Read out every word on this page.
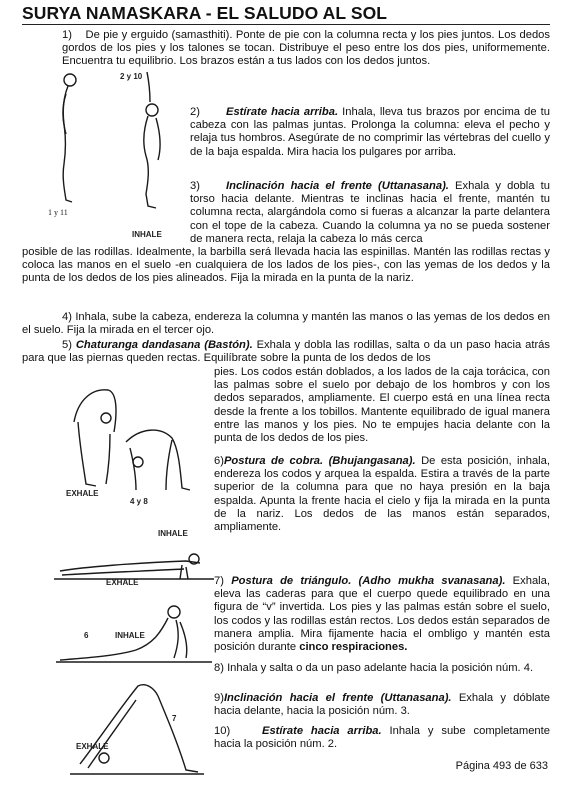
SURYA NAMASKARA - EL SALUDO AL SOL
1) De pie y erguido (samasthiti). Ponte de pie con la columna recta y los pies juntos. Los dedos gordos de los pies y los talones se tocan. Distribuye el peso entre los dos pies, uniformemente. Encuentra tu equilibrio. Los brazos están a tus lados con los dedos juntos.
2 y 10
1 y 11
INHALE
2) Estírate hacia arriba. Inhala, lleva tus brazos por encima de tu cabeza con las palmas juntas. Prolonga la columna: eleva el pecho y relaja tus hombros. Asegúrate de no comprimir las vértebras del cuello y de la baja espalda. Mira hacia los pulgares por arriba.
3) Inclinación hacia el frente (Uttanasana). Exhala y dobla tu torso hacia delante. Mientras te inclinas hacia el frente, mantén tu columna recta, alargándola como si fueras a alcanzar la parte delantera con el tope de la cabeza. Cuando la columna ya no se pueda sostener de manera recta, relaja la cabeza lo más cerca
posible de las rodillas. Idealmente, la barbilla será llevada hacia las espinillas. Mantén las rodillas rectas y coloca las manos en el suelo -en cualquiera de los lados de los pies-, con las yemas de los dedos y la punta de los dedos de los pies alineados. Fija la mirada en la punta de la nariz.
4) Inhala, sube la cabeza, endereza la columna y mantén las manos o las yemas de los dedos en el suelo. Fija la mirada en el tercer ojo.
5) Chaturanga dandasana (Bastón). Exhala y dobla las rodillas, salta o da un paso hacia atrás para que las piernas queden rectas. Equilíbrate sobre la punta de los dedos de los
pies. Los codos están doblados, a los lados de la caja torácica, con las palmas sobre el suelo por debajo de los hombros y con los dedos separados, ampliamente. El cuerpo está en una línea recta desde la frente a los tobillos. Mantente equilibrado de igual manera entre las manos y los pies. No te empujes hacia delante con la punta de los dedos de los pies.
EXHALE
4 y 8
INHALE
6)Postura de cobra. (Bhujangasana). De esta posición, inhala, endereza los codos y arquea la espalda. Estira a través de la parte superior de la columna para que no haya presión en la baja espalda. Apunta la frente hacia el cielo y fija la mirada en la punta de la nariz. Los dedos de las manos están separados, ampliamente.
EXHALE
6	INHALE
7
EXHALE
7) Postura de triángulo. (Adho mukha svanasana). Exhala, eleva las caderas para que el cuerpo quede equilibrado en una figura de “v” invertida. Los pies y las palmas están sobre el suelo, los codos y las rodillas están rectos. Los dedos están separados de manera amplia. Mira fijamente hacia el ombligo y mantén esta posición durante cinco respiraciones.
8) Inhala y salta o da un paso adelante hacia la posición núm. 4.
9)Inclinación hacia el frente (Uttanasana). Exhala y dóblate hacia delante, hacia la posición núm. 3.
10)	Estírate hacia arriba. Inhala y sube completamente hacia la posición núm. 2.
Página 493 de 633
